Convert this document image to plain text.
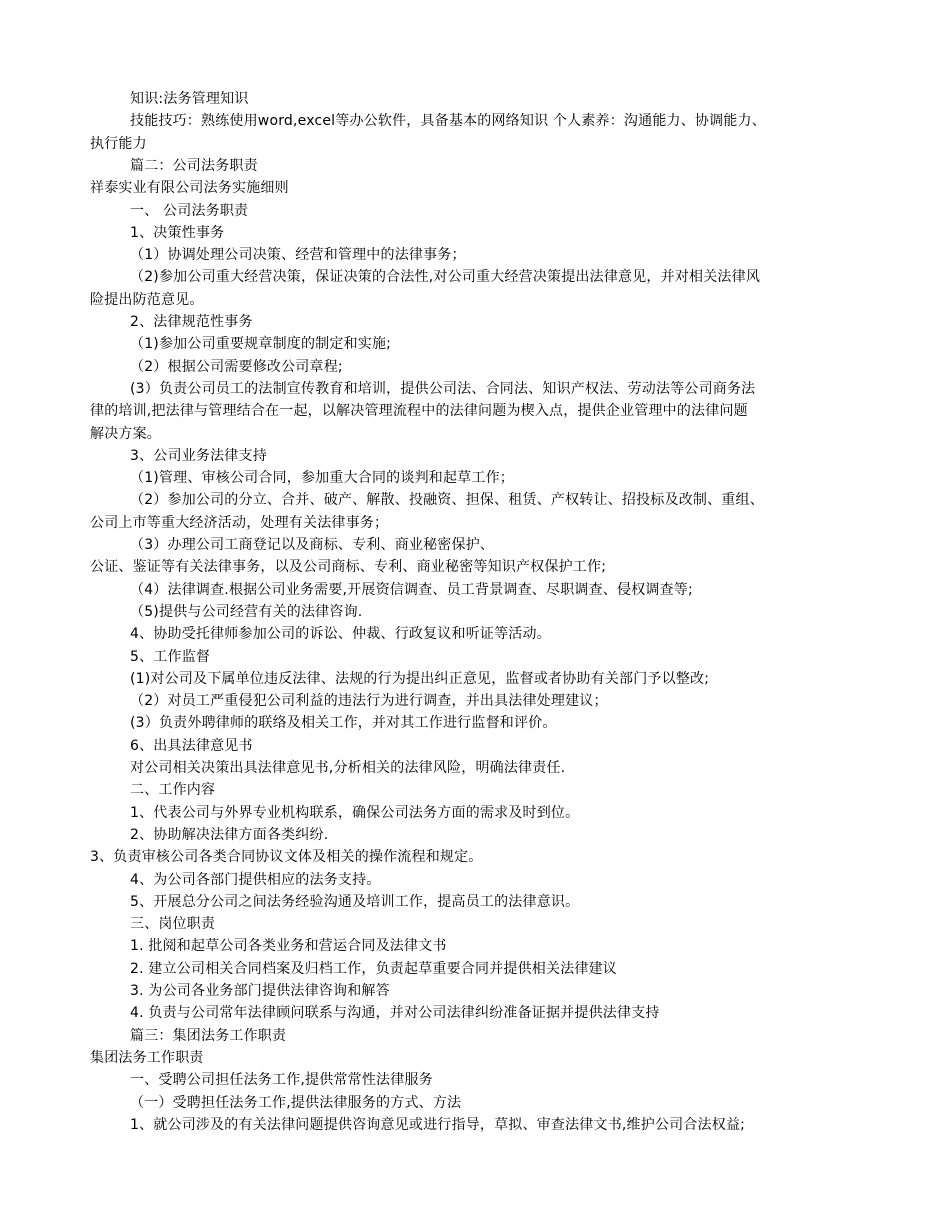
知识:法务管理知识
技能技巧：熟练使用word,excel等办公软件，具备基本的网络知识 个人素养：沟通能力、协调能力、
执行能力
篇二：公司法务职责
祥泰实业有限公司法务实施细则
一、 公司法务职责
1、决策性事务
（1）协调处理公司决策、经营和管理中的法律事务；
（2)参加公司重大经营决策，保证决策的合法性,对公司重大经营决策提出法律意见，并对相关法律风
险提出防范意见。
2、法律规范性事务
（1)参加公司重要规章制度的制定和实施;
（2）根据公司需要修改公司章程;
(3）负责公司员工的法制宣传教育和培训，提供公司法、合同法、知识产权法、劳动法等公司商务法
律的培训,把法律与管理结合在一起，以解决管理流程中的法律问题为楔入点，提供企业管理中的法律问题
解决方案。
3、公司业务法律支持
（1)管理、审核公司合同，参加重大合同的谈判和起草工作；
（2）参加公司的分立、合并、破产、解散、投融资、担保、租赁、产权转让、招投标及改制、重组、
公司上市等重大经济活动，处理有关法律事务；
（3）办理公司工商登记以及商标、专利、商业秘密保护、
公证、鉴证等有关法律事务，以及公司商标、专利、商业秘密等知识产权保护工作;
（4）法律调查.根据公司业务需要,开展资信调查、员工背景调查、尽职调查、侵权调查等;
（5)提供与公司经营有关的法律咨询.
4、协助受托律师参加公司的诉讼、仲裁、行政复议和听证等活动。
5、工作监督
(1)对公司及下属单位违反法律、法规的行为提出纠正意见，监督或者协助有关部门予以整改;
（2）对员工严重侵犯公司利益的违法行为进行调查，并出具法律处理建议；
(3）负责外聘律师的联络及相关工作，并对其工作进行监督和评价。
6、出具法律意见书
对公司相关决策出具法律意见书,分析相关的法律风险，明确法律责任.
二、工作内容
1、代表公司与外界专业机构联系，确保公司法务方面的需求及时到位。
2、协助解决法律方面各类纠纷.
3、负责审核公司各类合同协议文体及相关的操作流程和规定。
4、为公司各部门提供相应的法务支持。
5、开展总分公司之间法务经验沟通及培训工作，提高员工的法律意识。
三、岗位职责
1. 批阅和起草公司各类业务和营运合同及法律文书
2. 建立公司相关合同档案及归档工作，负责起草重要合同并提供相关法律建议
3. 为公司各业务部门提供法律咨询和解答
4. 负责与公司常年法律顾问联系与沟通，并对公司法律纠纷准备证据并提供法律支持
篇三：集团法务工作职责
集团法务工作职责
一、受聘公司担任法务工作,提供常常性法律服务
（一）受聘担任法务工作,提供法律服务的方式、方法
1、就公司涉及的有关法律问题提供咨询意见或进行指导，草拟、审查法律文书,维护公司合法权益;
